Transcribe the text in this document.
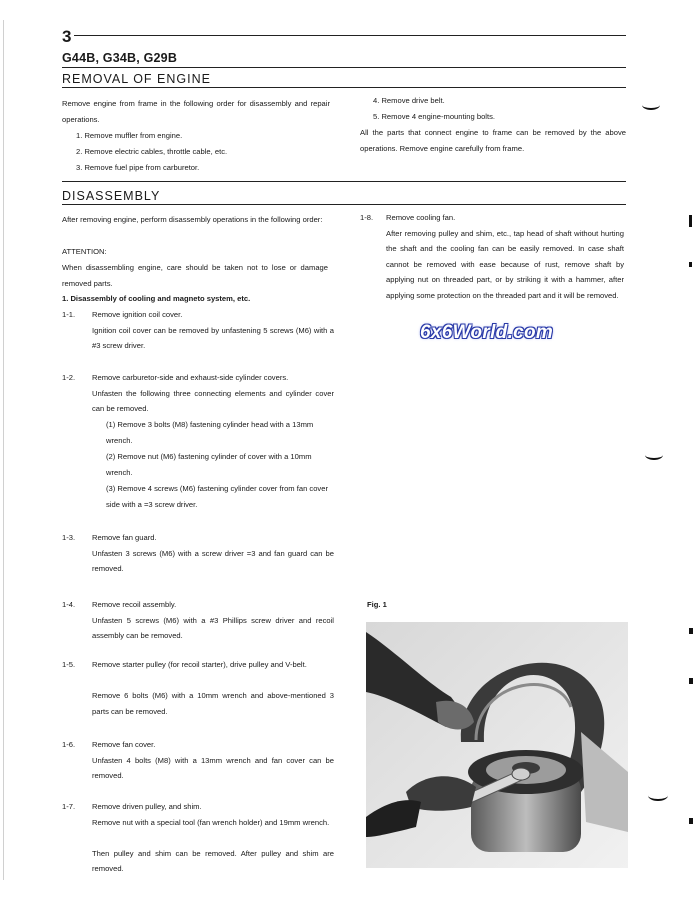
3
G44B, G34B, G29B
REMOVAL OF ENGINE
Remove engine from frame in the following order for disassembly and repair operations.
1. Remove muffler from engine.
2. Remove electric cables, throttle cable, etc.
3. Remove fuel pipe from carburetor.
4. Remove drive belt.
5. Remove 4 engine-mounting bolts.
All the parts that connect engine to frame can be removed by the above operations. Remove engine carefully from frame.
DISASSEMBLY
After removing engine, perform disassembly operations in the following order:
ATTENTION:
When disassembling engine, care should be taken not to lose or damage removed parts.
1. Disassembly of cooling and magneto system, etc.
1-1. Remove ignition coil cover.
Ignition coil cover can be removed by unfastening 5 screws (M6) with a #3 screw driver.
1-2. Remove carburetor-side and exhaust-side cylinder covers.
Unfasten the following three connecting elements and cylinder cover can be removed.
(1) Remove 3 bolts (M8) fastening cylinder head with a 13mm wrench.
(2) Remove nut (M6) fastening cylinder of cover with a 10mm wrench.
(3) Remove 4 screws (M6) fastening cylinder cover from fan cover side with a =3 screw driver.
1-3. Remove fan guard.
Unfasten 3 screws (M6) with a screw driver =3 and fan guard can be removed.
1-4. Remove recoil assembly.
Unfasten 5 screws (M6) with a #3 Phillips screw driver and recoil assembly can be removed.
1-5. Remove starter pulley (for recoil starter), drive pulley and V-belt.
Remove 6 bolts (M6) with a 10mm wrench and above-mentioned 3 parts can be removed.
1-6. Remove fan cover.
Unfasten 4 bolts (M8) with a 13mm wrench and fan cover can be removed.
1-7. Remove driven pulley, and shim.
Remove nut with a special tool (fan wrench holder) and 19mm wrench.
Then pulley and shim can be removed. After pulley and shim are removed.
1-8. Remove cooling fan.
After removing pulley and shim, etc., tap head of shaft without hurting the shaft and the cooling fan can be easily removed. In case shaft cannot be removed with ease because of rust, remove shaft by applying nut on threaded part, or by striking it with a hammer, after applying some protection on the threaded part and it will be removed.
6x6World.com
Fig. 1
